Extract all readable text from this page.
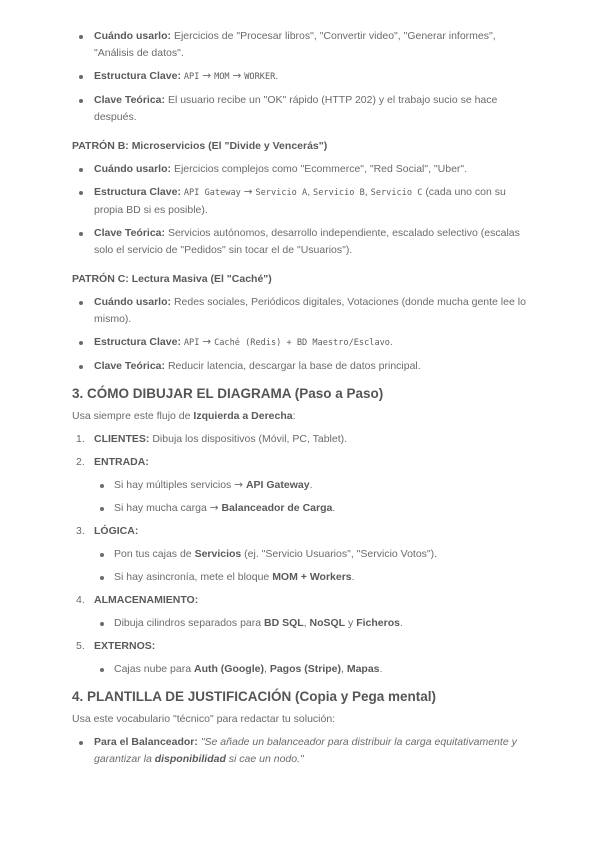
Cuándo usarlo: Ejercicios de "Procesar libros", "Convertir video", "Generar informes", "Análisis de datos".
Estructura Clave: API → MOM → WORKER.
Clave Teórica: El usuario recibe un "OK" rápido (HTTP 202) y el trabajo sucio se hace después.
PATRÓN B: Microservicios (El "Divide y Vencerás")
Cuándo usarlo: Ejercicios complejos como "Ecommerce", "Red Social", "Uber".
Estructura Clave: API Gateway → Servicio A, Servicio B, Servicio C (cada uno con su propia BD si es posible).
Clave Teórica: Servicios autónomos, desarrollo independiente, escalado selectivo (escalas solo el servicio de "Pedidos" sin tocar el de "Usuarios").
PATRÓN C: Lectura Masiva (El "Caché")
Cuándo usarlo: Redes sociales, Periódicos digitales, Votaciones (donde mucha gente lee lo mismo).
Estructura Clave: API → Caché (Redis) + BD Maestro/Esclavo.
Clave Teórica: Reducir latencia, descargar la base de datos principal.
3. CÓMO DIBUJAR EL DIAGRAMA (Paso a Paso)

Usa siempre este flujo de Izquierda a Derecha:

1. CLIENTES: Dibuja los dispositivos (Móvil, PC, Tablet).
2. ENTRADA:
Si hay múltiples servicios → API Gateway.
Si hay mucha carga → Balanceador de Carga.
3. LÓGICA:
Pon tus cajas de Servicios (ej. "Servicio Usuarios", "Servicio Votos").
Si hay asincronía, mete el bloque MOM + Workers.
4. ALMACENAMIENTO:
Dibuja cilindros separados para BD SQL, NoSQL y Ficheros.
5. EXTERNOS:
Cajas nube para Auth (Google), Pagos (Stripe), Mapas.
4. PLANTILLA DE JUSTIFICACIÓN (Copia y Pega mental)

Usa este vocabulario "técnico" para redactar tu solución:

Para el Balanceador: "Se añade un balanceador para distribuir la carga equitativamente y garantizar la disponibilidad si cae un nodo."
